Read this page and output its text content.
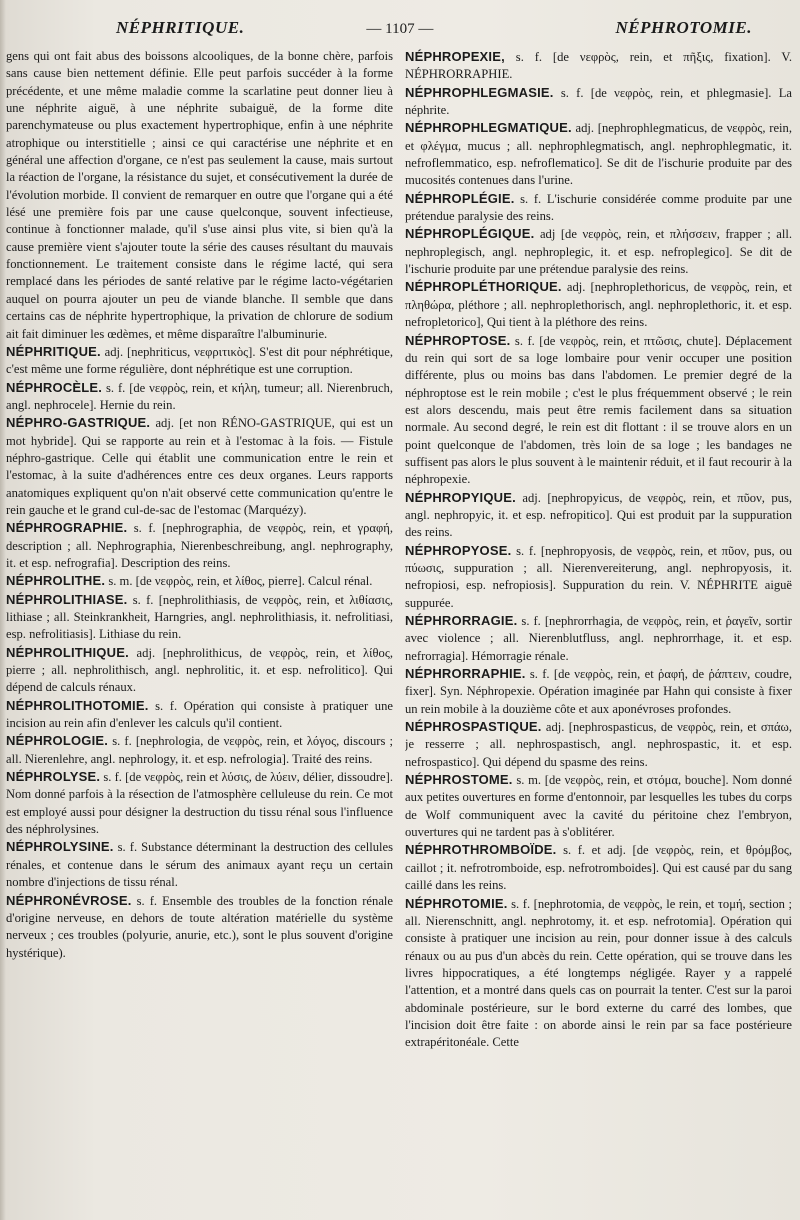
NÉPHRITIQUE.	— 1107 —	NÉPHROTOMIE.

gens qui ont fait abus des boissons alcooliques, de la bonne chère, parfois sans cause bien nettement définie. Elle peut parfois succéder à la forme précédente, et une même maladie comme la scarlatine peut donner lieu à une néphrite aiguë, à une néphrite subaiguë, de la forme dite parenchymateuse ou plus exactement hypertrophique, enfin à une néphrite atrophique ou interstitielle ; ainsi ce qui caractérise une néphrite et en général une affection d'organe, ce n'est pas seulement la cause, mais surtout la réaction de l'organe, la résistance du sujet, et consécutivement la durée de l'évolution morbide. Il convient de remarquer en outre que l'organe qui a été lésé une première fois par une cause quelconque, souvent infectieuse, continue à fonctionner malade, qu'il s'use ainsi plus vite, si bien qu'à la cause première vient s'ajouter toute la série des causes résultant du mauvais fonctionnement. Le traitement consiste dans le régime lacté, qui sera remplacé dans les périodes de santé relative par le régime lacto-végétarien auquel on pourra ajouter un peu de viande blanche. Il semble que dans certains cas de néphrite hypertrophique, la privation de chlorure de sodium ait fait diminuer les œdèmes, et même disparaître l'albuminurie.

NÉPHRITIQUE. adj. [nephriticus, νεφριτικὸς]. S'est dit pour néphrétique, c'est même une forme régulière, dont néphrétique est une corruption.

NÉPHROCÈLE. s. f. [de νεφρὸς, rein, et κήλη, tumeur; all. Nierenbruch, angl. nephrocele]. Hernie du rein.

NÉPHRO-GASTRIQUE. adj. [et non RÉNO-GASTRIQUE, qui est un mot hybride]. Qui se rapporte au rein et à l'estomac à la fois. — Fistule néphro-gastrique. Celle qui établit une communication entre le rein et l'estomac, à la suite d'adhérences entre ces deux organes. Leurs rapports anatomiques expliquent qu'on n'ait observé cette communication qu'entre le rein gauche et le grand cul-de-sac de l'estomac (Marquézy).

NÉPHROGRAPHIE. s. f. [nephrographia, de νεφρὸς, rein, et γραφή, description ; all. Nephrographia, Nierenbeschreibung, angl. nephrography, it. et esp. nefrografia]. Description des reins.

NÉPHROLITHE. s. m. [de νεφρὸς, rein, et λίθος, pierre]. Calcul rénal.

NÉPHROLITHIASE. s. f. [nephrolithiasis, de νεφρὸς, rein, et λιθίασις, lithiase ; all. Steinkrankheit, Harngries, angl. nephrolithiasis, it. nefrolitiasi, esp. nefrolitiasis]. Lithiase du rein.

NÉPHROLITHIQUE. adj. [nephrolithicus, de νεφρὸς, rein, et λίθος, pierre ; all. nephrolithisch, angl. nephrolitic, it. et esp. nefrolitico]. Qui dépend de calculs rénaux.

NÉPHROLITHOTOMIE. s. f. Opération qui consiste à pratiquer une incision au rein afin d'enlever les calculs qu'il contient.

NÉPHROLOGIE. s. f. [nephrologia, de νεφρὸς, rein, et λόγος, discours ; all. Nierenlehre, angl. nephrology, it. et esp. nefrologia]. Traité des reins.

NÉPHROLYSE. s. f. [de νεφρὸς, rein et λύσις, de λύειν, délier, dissoudre]. Nom donné parfois à la résection de l'atmosphère celluleuse du rein. Ce mot est employé aussi pour désigner la destruction du tissu rénal sous l'influence des néphrolysines.

NÉPHROLYSINE. s. f. Substance déterminant la destruction des cellules rénales, et contenue dans le sérum des animaux ayant reçu un certain nombre d'injections de tissu rénal.

NÉPHRONÉVROSE. s. f. Ensemble des troubles de la fonction rénale d'origine nerveuse, en dehors de toute altération matérielle du système nerveux ; ces troubles (polyurie, anurie, etc.), sont le plus souvent d'origine hystérique).

NÉPHROPEXIE, s. f. [de νεφρὸς, rein, et πῆξις, fixation]. V. NÉPHRORRAPHIE.

NÉPHROPHLEGMASIE. s. f. [de νεφρὸς, rein, et phlegmasie]. La néphrite.

NÉPHROPHLEGMATIQUE. adj. [nephrophlegmaticus, de νεφρὸς, rein, et φλέγμα, mucus ; all. nephrophlegmatisch, angl. nephrophlegmatic, it. nefroflemmatico, esp. nefroflematico]. Se dit de l'ischurie produite par des mucosités contenues dans l'urine.

NÉPHROPLÉGIE. s. f. L'ischurie considérée comme produite par une prétendue paralysie des reins.

NÉPHROPLÉGIQUE. adj [de νεφρὸς, rein, et πλήσσειν, frapper ; all. nephroplegisch, angl. nephroplegic, it. et esp. nefroplegico]. Se dit de l'ischurie produite par une prétendue paralysie des reins.

NÉPHROPLÉTHORIQUE. adj. [nephroplethoricus, de νεφρὸς, rein, et πληθώρα, pléthore ; all. nephroplethorisch, angl. nephroplethoric, it. et esp. nefropletorico], Qui tient à la pléthore des reins.

NÉPHROPTOSE. s. f. [de νεφρὸς, rein, et πτῶσις, chute]. Déplacement du rein qui sort de sa loge lombaire pour venir occuper une position différente, plus ou moins bas dans l'abdomen. Le premier degré de la néphroptose est le rein mobile ; c'est le plus fréquemment observé ; le rein est alors descendu, mais peut être remis facilement dans sa situation normale. Au second degré, le rein est dit flottant : il se trouve alors en un point quelconque de l'abdomen, très loin de sa loge ; les bandages ne suffisent pas alors le plus souvent à le maintenir réduit, et il faut recourir à la néphropexie.

NÉPHROPYIQUE. adj. [nephropyicus, de νεφρὸς, rein, et πῦον, pus, angl. nephropyic, it. et esp. nefropitico]. Qui est produit par la suppuration des reins.

NÉPHROPYOSE. s. f. [nephropyosis, de νεφρὸς, rein, et πῦον, pus, ou πύωσις, suppuration ; all. Nierenvereiterung, angl. nephropyosis, it. nefropiosi, esp. nefropiosis]. Suppuration du rein. V. NÉPHRITE aiguë suppurée.

NÉPHRORRAGIE. s. f. [nephrorrhagia, de νεφρὸς, rein, et ῥαγεῖν, sortir avec violence ; all. Nierenblutfluss, angl. nephrorrhage, it. et esp. nefrorragia]. Hémorragie rénale.

NÉPHRORRAPHIE. s. f. [de νεφρὸς, rein, et ῥαφή, de ῥάπτειν, coudre, fixer]. Syn. Néphropexie. Opération imaginée par Hahn qui consiste à fixer un rein mobile à la douzième côte et aux aponévroses profondes.

NÉPHROSPASTIQUE. adj. [nephrospasticus, de νεφρὸς, rein, et σπάω, je resserre ; all. nephrospastisch, angl. nephrospastic, it. et esp. nefrospastico]. Qui dépend du spasme des reins.

NÉPHROSTOME. s. m. [de νεφρὸς, rein, et στόμα, bouche]. Nom donné aux petites ouvertures en forme d'entonnoir, par lesquelles les tubes du corps de Wolf communiquent avec la cavité du péritoine chez l'embryon, ouvertures qui ne tardent pas à s'oblitérer.

NÉPHROTHROMBOÏDE. s. f. et adj. [de νεφρὸς, rein, et θρόμβος, caillot ; it. nefrotromboide, esp. nefrotromboides]. Qui est causé par du sang caillé dans les reins.

NÉPHROTOMIE. s. f. [nephrotomia, de νεφρὸς, le rein, et τομή, section ; all. Nierenschnitt, angl. nephrotomy, it. et esp. nefrotomia]. Opération qui consiste à pratiquer une incision au rein, pour donner issue à des calculs rénaux ou au pus d'un abcès du rein. Cette opération, qui se trouve dans les livres hippocratiques, a été longtemps négligée. Rayer y a rappelé l'attention, et a montré dans quels cas on pourrait la tenter. C'est sur la paroi abdominale postérieure, sur le bord externe du carré des lombes, que l'incision doit être faite : on aborde ainsi le rein par sa face postérieure extrapéritonéale. Cette
